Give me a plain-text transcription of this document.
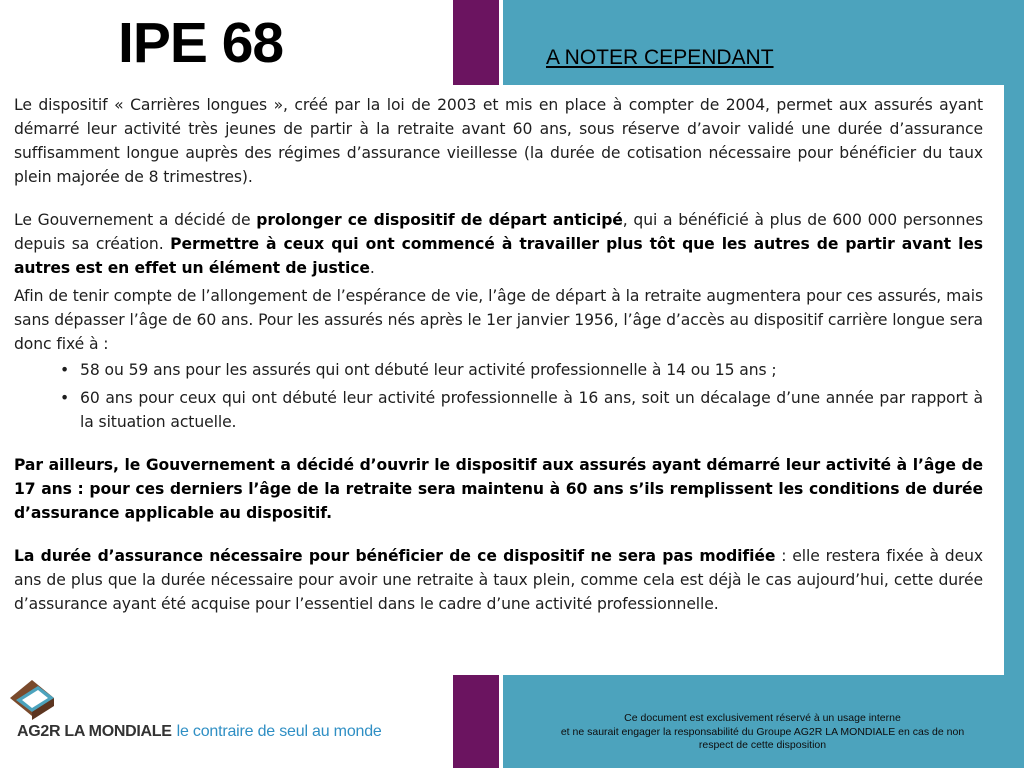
IPE 68	A NOTER CEPENDANT

Le dispositif « Carrières longues », créé par la loi de 2003 et mis en place à compter de 2004, permet aux assurés ayant démarré leur activité très jeunes de partir à la retraite avant 60 ans, sous réserve d’avoir validé une durée d’assurance suffisamment longue auprès des régimes d’assurance vieillesse (la durée de cotisation nécessaire pour bénéficier du taux plein majorée de 8 trimestres).

Le Gouvernement a décidé de prolonger ce dispositif de départ anticipé, qui a bénéficié à plus de 600 000 personnes depuis sa création. Permettre à ceux qui ont commencé à travailler plus tôt que les autres de partir avant les autres est en effet un élément de justice.

Afin de tenir compte de l’allongement de l’espérance de vie, l’âge de départ à la retraite augmentera pour ces assurés, mais sans dépasser l’âge de 60 ans. Pour les assurés nés après le 1er janvier 1956, l’âge d’accès au dispositif carrière longue sera donc fixé à :

• 58 ou 59 ans pour les assurés qui ont débuté leur activité professionnelle à 14 ou 15 ans ;
• 60 ans pour ceux qui ont débuté leur activité professionnelle à 16 ans, soit un décalage d’une année par rapport à la situation actuelle.

Par ailleurs, le Gouvernement a décidé d’ouvrir le dispositif aux assurés ayant démarré leur activité à l’âge de 17 ans : pour ces derniers l’âge de la retraite sera maintenu à 60 ans s’ils remplissent les conditions de durée d’assurance applicable au dispositif.

La durée d’assurance nécessaire pour bénéficier de ce dispositif ne sera pas modifiée : elle restera fixée à deux ans de plus que la durée nécessaire pour avoir une retraite à taux plein, comme cela est déjà le cas aujourd’hui, cette durée d’assurance ayant été acquise pour l’essentiel dans le cadre d’une activité professionnelle.

AG2R LA MONDIALE le contraire de seul au monde
Ce document est exclusivement réservé à un usage interne
et ne saurait engager la responsabilité du Groupe AG2R LA MONDIALE en cas de non
respect de cette disposition
